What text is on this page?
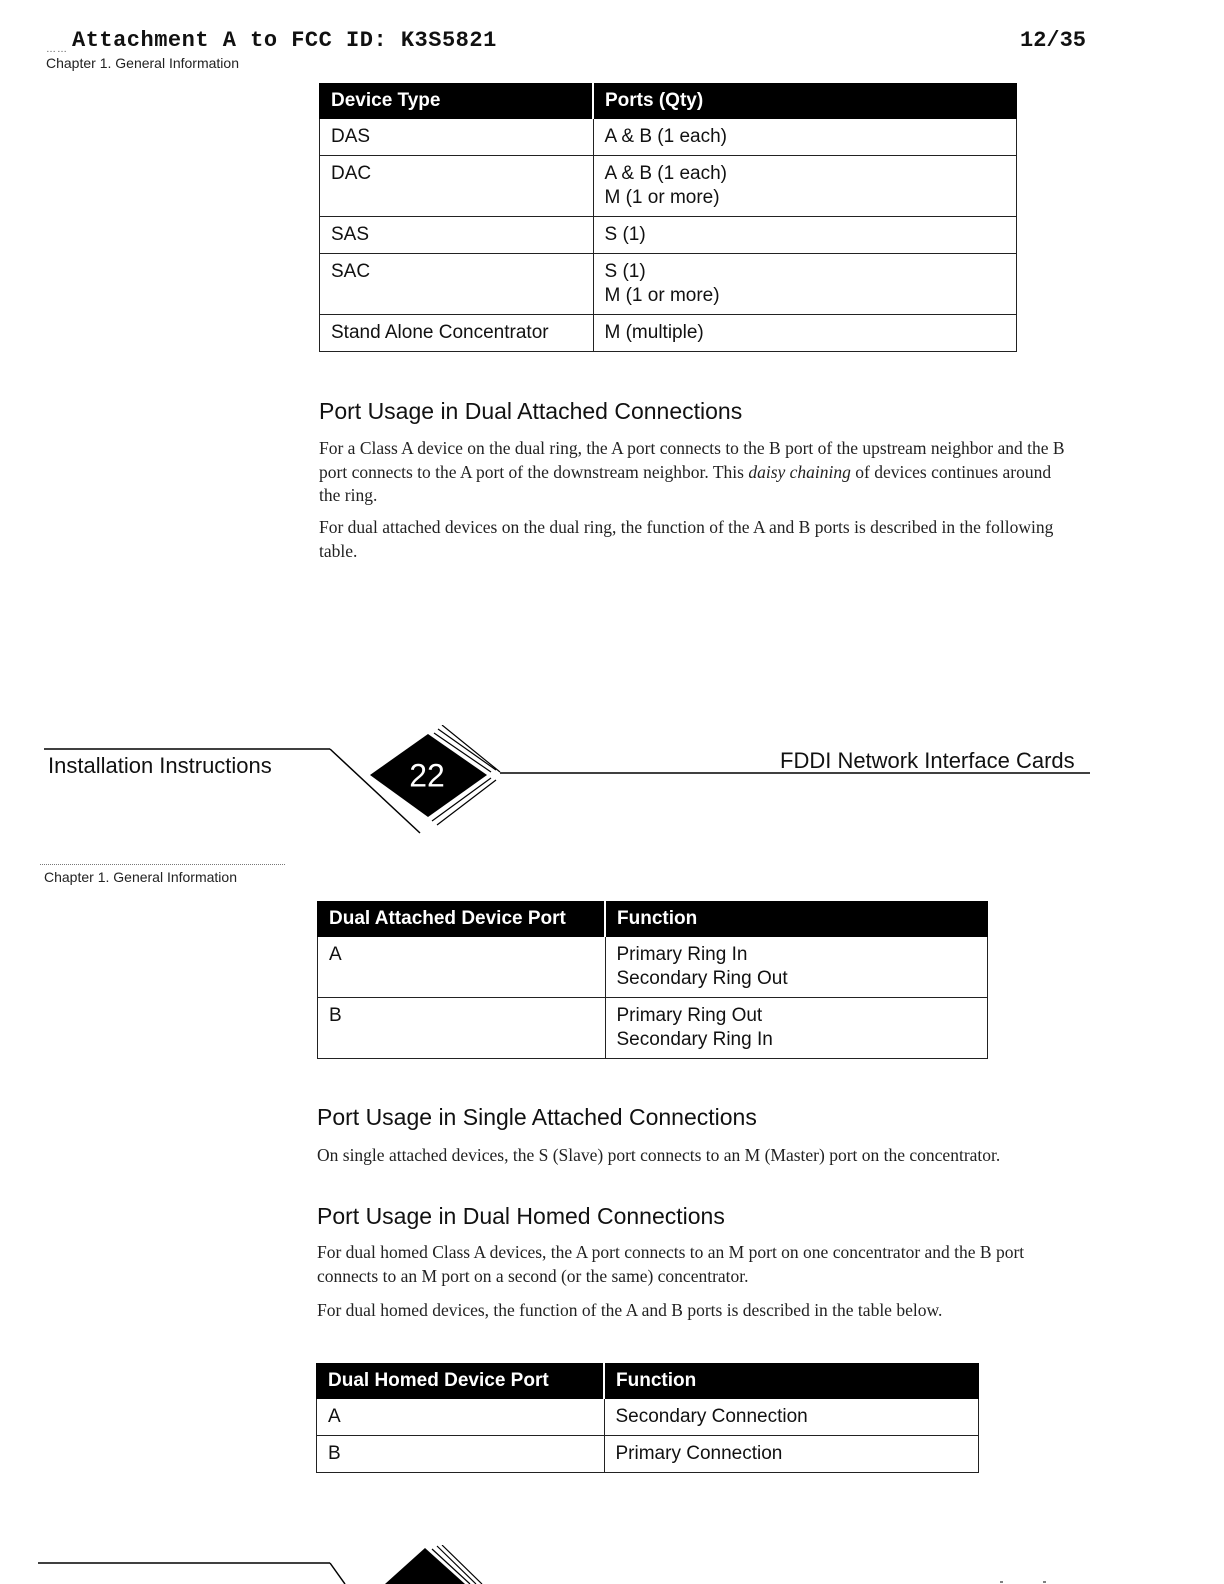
…… Attachment A to FCC ID: K3S5821	12/35
Chapter 1. General Information
Device Type	Ports (Qty)
DAS	A & B (1 each)
DAC	A & B (1 each)
M (1 or more)

SAS	S (1)
SAC	S (1)
M (1 or more)

Stand Alone Concentrator	M (multiple)
Port Usage in Dual Attached Connections
For a Class A device on the dual ring, the A port connects to the B port of the upstream neighbor and the B port connects to the A port of the downstream neighbor. This daisy chaining of devices continues around the ring.
For dual attached devices on the dual ring, the function of the A and B ports is described in the following table.
22
Installation Instructions	FDDI Network Interface Cards
Chapter 1. General Information
Dual Attached Device Port	Function
A	Primary Ring In
Secondary Ring Out

B	Primary Ring Out
Secondary Ring In
Port Usage in Single Attached Connections
On single attached devices, the S (Slave) port connects to an M (Master) port on the concentrator.
Port Usage in Dual Homed Connections
For dual homed Class A devices, the A port connects to an M port on one concentrator and the B port connects to an M port on a second (or the same) concentrator.
For dual homed devices, the function of the A and B ports is described in the table below.
Dual Homed Device Port	Function
A	Secondary Connection
B	Primary Connection
